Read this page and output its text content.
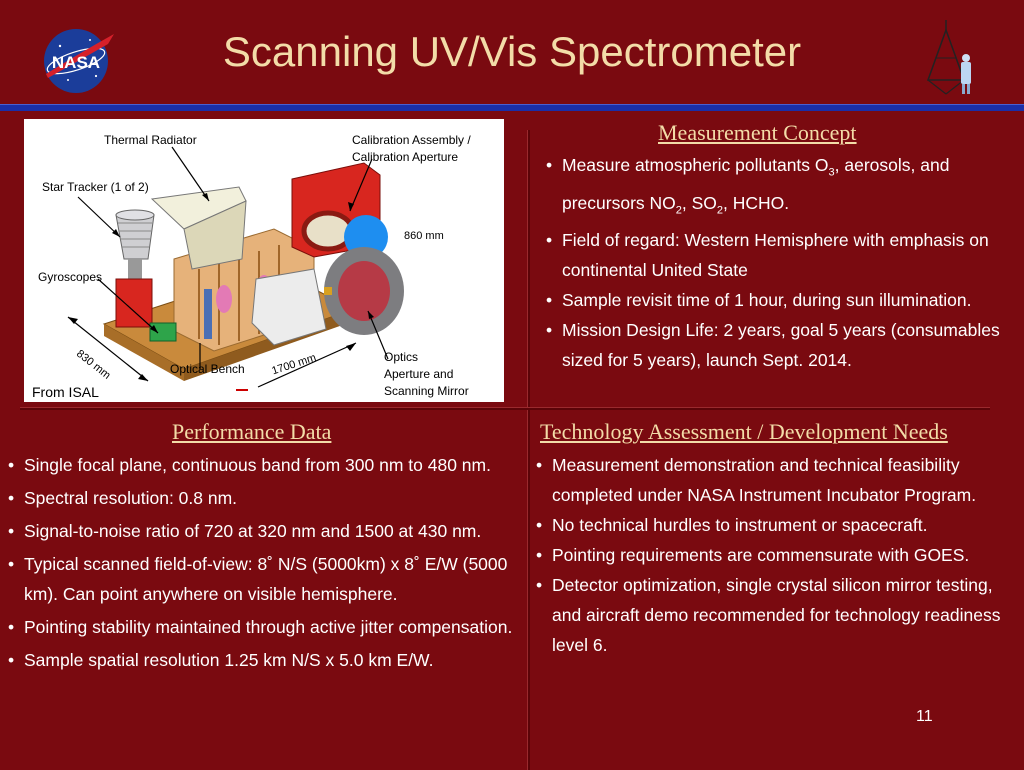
NASA	Scanning UV/Vis Spectrometer
Thermal Radiator	Calibration Assembly /
Calibration Aperture
Star Tracker (1 of 2)
860 mm
Gyroscopes
830 mm	Optical Bench 1700 mm	Optics
Aperture and
Scanning Mirror
From ISAL
Measurement Concept
• Measure atmospheric pollutants $O_3$, aerosols, and precursors $NO_2$, $SO_2$, HCHO.
• Field of regard: Western Hemisphere with emphasis on continental United State
• Sample revisit time of 1 hour, during sun illumination.
• Mission Design Life: 2 years, goal 5 years (consumables sized for 5 years), launch Sept. 2014.
Performance Data
• Single focal plane, continuous band from 300 nm to 480 nm.
• Spectral resolution: 0.8 nm.
• Signal-to-noise ratio of 720 at 320 nm and 1500 at 430 nm.
• Typical scanned field-of-view: 8˚ N/S (5000km) x 8˚ E/W (5000 km). Can point anywhere on visible hemisphere.
• Pointing stability maintained through active jitter compensation.
• Sample spatial resolution 1.25 km N/S x 5.0 km E/W.
Technology Assessment / Development Needs
• Measurement demonstration and technical feasibility completed under NASA Instrument Incubator Program.
• No technical hurdles to instrument or spacecraft.
• Pointing requirements are commensurate with GOES.
• Detector optimization, single crystal silicon mirror testing, and aircraft demo recommended for technology readiness level 6.
11
